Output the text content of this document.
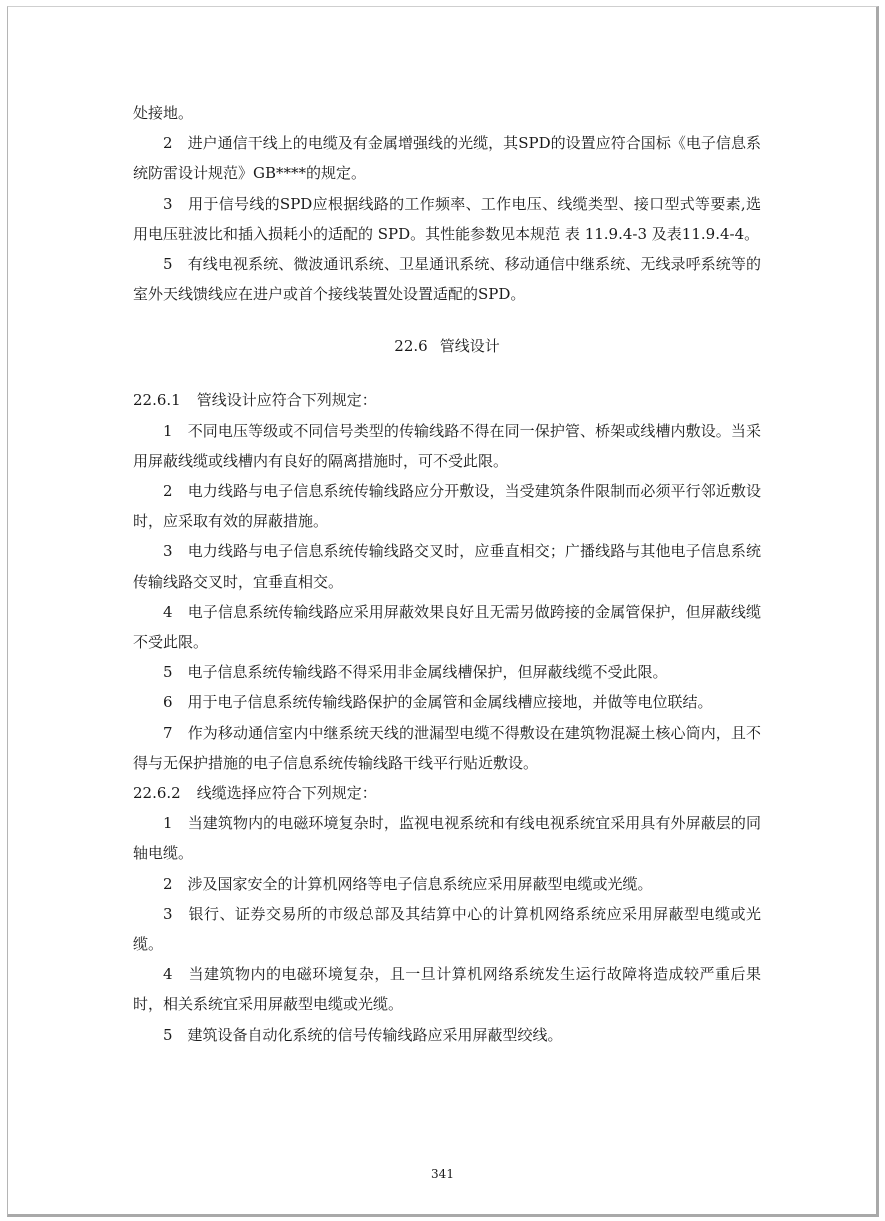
处接地。

2　进户通信干线上的电缆及有金属增强线的光缆，其SPD的设置应符合国标《电子信息系统防雷设计规范》GB****的规定。

3　用于信号线的SPD应根据线路的工作频率、工作电压、线缆类型、接口型式等要素,选用电压驻波比和插入损耗小的适配的 SPD。其性能参数见本规范 表 11.9.4-3 及表11.9.4-4。

5　有线电视系统、微波通讯系统、卫星通讯系统、移动通信中继系统、无线录呼系统等的室外天线馈线应在进户或首个接线装置处设置适配的SPD。

22.6 管线设计

22.6.1 管线设计应符合下列规定：

1　不同电压等级或不同信号类型的传输线路不得在同一保护管、桥架或线槽内敷设。当采用屏蔽线缆或线槽内有良好的隔离措施时，可不受此限。

2　电力线路与电子信息系统传输线路应分开敷设，当受建筑条件限制而必须平行邻近敷设时，应采取有效的屏蔽措施。

3　电力线路与电子信息系统传输线路交叉时，应垂直相交；广播线路与其他电子信息系统传输线路交叉时，宜垂直相交。

4　电子信息系统传输线路应采用屏蔽效果良好且无需另做跨接的金属管保护，但屏蔽线缆不受此限。

5　电子信息系统传输线路不得采用非金属线槽保护，但屏蔽线缆不受此限。

6　用于电子信息系统传输线路保护的金属管和金属线槽应接地，并做等电位联结。

7　作为移动通信室内中继系统天线的泄漏型电缆不得敷设在建筑物混凝土核心筒内，且不得与无保护措施的电子信息系统传输线路干线平行贴近敷设。

22.6.2 线缆选择应符合下列规定：

1　当建筑物内的电磁环境复杂时，监视电视系统和有线电视系统宜采用具有外屏蔽层的同轴电缆。

2　涉及国家安全的计算机网络等电子信息系统应采用屏蔽型电缆或光缆。

3　银行、证券交易所的市级总部及其结算中心的计算机网络系统应采用屏蔽型电缆或光缆。

4　当建筑物内的电磁环境复杂，且一旦计算机网络系统发生运行故障将造成较严重后果时，相关系统宜采用屏蔽型电缆或光缆。

5　建筑设备自动化系统的信号传输线路应采用屏蔽型绞线。

341
